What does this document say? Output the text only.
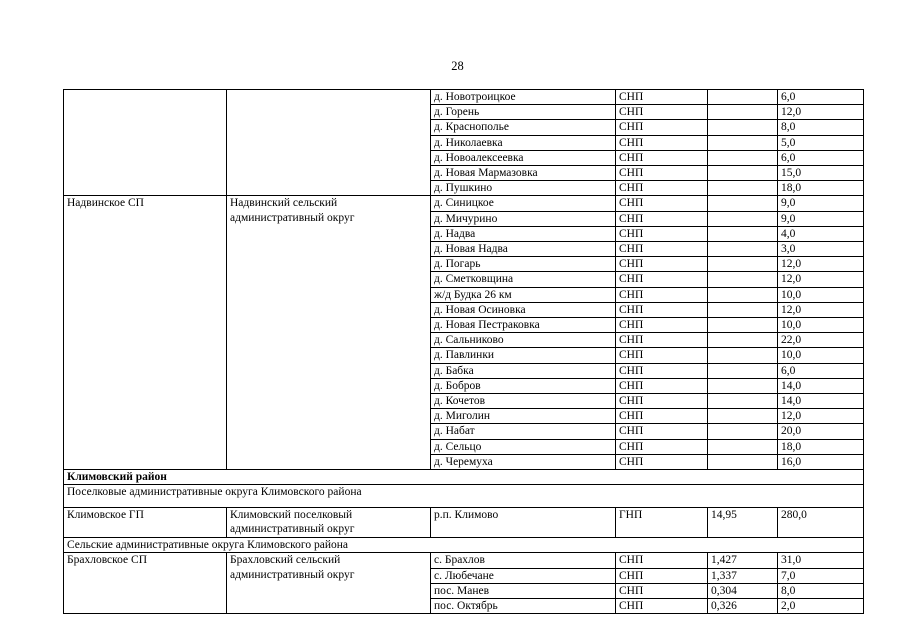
28
		д. Новотроицкое	СНП		6,0
		д. Горень	СНП		12,0
		д. Краснополье	СНП		8,0
		д. Николаевка	СНП		5,0
		д. Новоалексеевка	СНП		6,0
		д. Новая Мармазовка	СНП		15,0
		д. Пушкино	СНП		18,0
Надвинское СП	Надвинский сельский административный округ	д. Синицкое	СНП		9,0
		д. Мичурино	СНП		9,0
		д. Надва	СНП		4,0
		д. Новая Надва	СНП		3,0
		д. Погарь	СНП		12,0
		д. Сметковщина	СНП		12,0
		ж/д Будка 26 км	СНП		10,0
		д. Новая Осиновка	СНП		12,0
		д. Новая Пестраковка	СНП		10,0
		д. Сальниково	СНП		22,0
		д. Павлинки	СНП		10,0
		д. Бабка	СНП		6,0
		д. Бобров	СНП		14,0
		д. Кочетов	СНП		14,0
		д. Миголин	СНП		12,0
		д. Набат	СНП		20,0
		д. Сельцо	СНП		18,0
		д. Черемуха	СНП		16,0
Климовский район					
Поселковые административные округа Климовского района					
Климовское ГП	Климовский поселковый административный округ	р.п. Климово	ГНП	14,95	280,0
Сельские административные округа Климовского района					
Брахловское СП	Брахловский сельский административный округ	с. Брахлов	СНП	1,427	31,0
		с. Любечане	СНП	1,337	7,0
		пос. Манев	СНП	0,304	8,0
		пос. Октябрь	СНП	0,326	2,0
